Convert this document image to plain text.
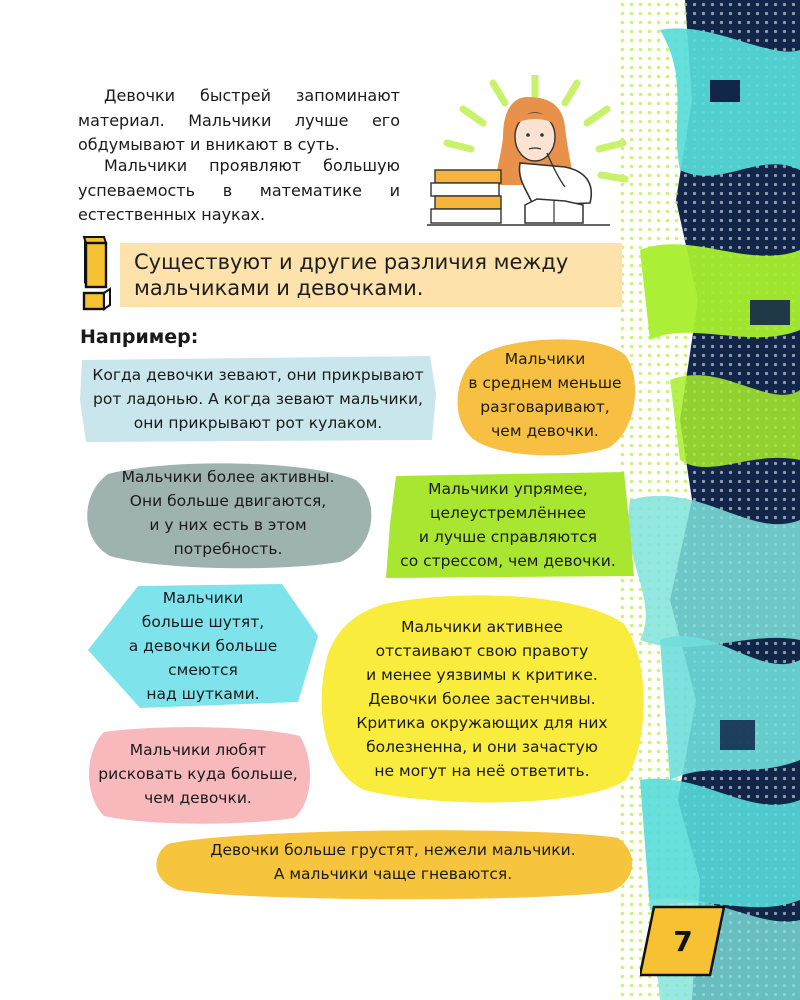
Девочки быстрей запоминают материал. Мальчики лучше его обдумывают и вникают в суть.

Мальчики проявляют большую успеваемость в математике и естественных науках.

Существуют и другие различия между мальчиками и девочками.

Например:

Когда девочки зевают, они прикрывают рот ладонью. А когда зевают мальчики, они прикрывают рот кулаком.
Мальчики
в среднем меньше
разговаривают,
чем девочки.
Мальчики более активны.
Они больше двигаются,
и у них есть в этом
потребность.
Мальчики упрямее,
целеустремлённее
и лучше справляются
со стрессом, чем девочки.
Мальчики
больше шутят,
а девочки больше
смеются
над шутками.
Мальчики активнее
отстаивают свою правоту
и менее уязвимы к критике.
Девочки более застенчивы.
Критика окружающих для них
болезненна, и они зачастую
не могут на неё ответить.
Мальчики любят
рисковать куда больше,
чем девочки.
Девочки больше грустят, нежели мальчики.
А мальчики чаще гневаются.
7
